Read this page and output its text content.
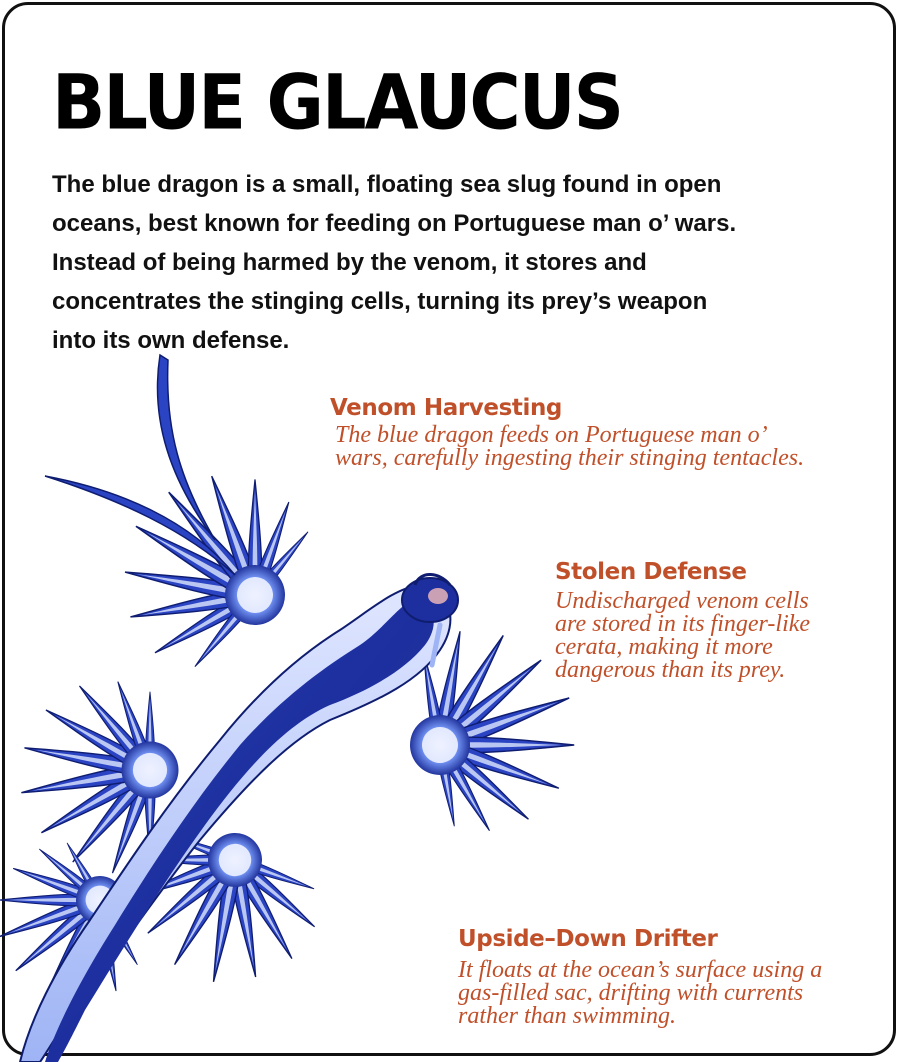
BLUE GLAUCUS

The blue dragon is a small, floating sea slug found in open
oceans, best known for feeding on Portuguese man o’ wars.
Instead of being harmed by the venom, it stores and
concentrates the stinging cells, turning its prey’s weapon
into its own defense.

Venom Harvesting

The blue dragon feeds on Portuguese man o’
wars, carefully ingesting their stinging tentacles.

Stolen Defense

Undischarged venom cells
are stored in its finger-like
cerata, making it more
dangerous than its prey.

Upside–Down Drifter

It floats at the ocean’s surface using a
gas-filled sac, drifting with currents
rather than swimming.
